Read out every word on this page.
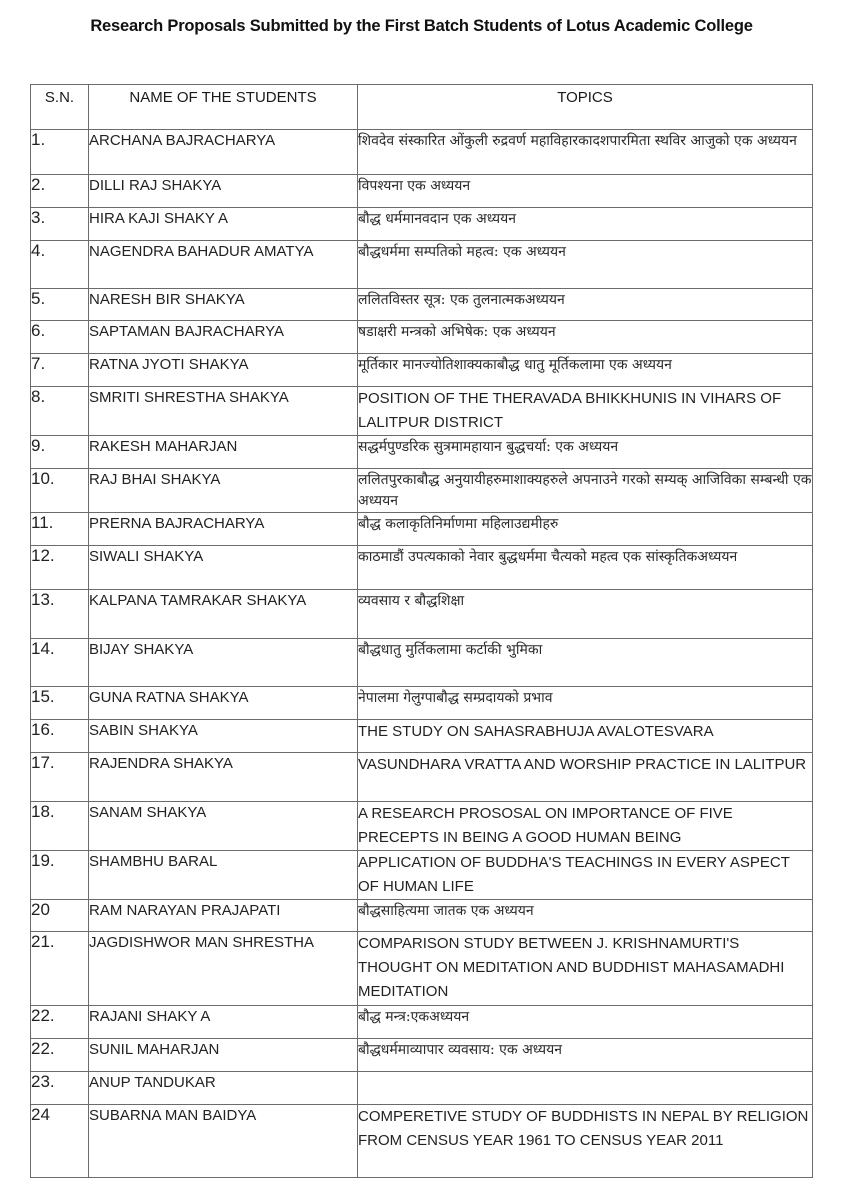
Research Proposals Submitted by the First Batch Students of Lotus Academic College
S.N.	NAME OF THE STUDENTS	TOPICS
1.	ARCHANA BAJRACHARYA	शिवदेव संस्कारित ओंकुली रुद्रवर्ण महाविहारकादशपारमिता स्थविर आजुको एक अध्ययन
2.	DILLI RAJ SHAKYA	विपश्यना एक अध्ययन
3.	HIRA KAJI SHAKY A	बौद्ध धर्ममानवदान एक अध्ययन
4.	NAGENDRA BAHADUR AMATYA	बौद्धधर्ममा सम्पतिको महत्व: एक अध्ययन
5.	NARESH BIR SHAKYA	ललितविस्तर सूत्र: एक तुलनात्मकअध्ययन
6.	SAPTAMAN BAJRACHARYA	षडाक्षरी मन्त्रको अभिषेक: एक अध्ययन
7.	RATNA JYOTI SHAKYA	मूर्तिकार मानज्योतिशाक्यकाबौद्ध धातु मूर्तिकलामा एक अध्ययन
8.	SMRITI SHRESTHA SHAKYA	POSITION OF THE THERAVADA BHIKKHUNIS IN VIHARS OF LALITPUR DISTRICT
9.	RAKESH MAHARJAN	सद्धर्मपुण्डरिक सुत्रमामहायान बुद्धचर्या: एक अध्ययन
10.	RAJ BHAI SHAKYA	ललितपुरकाबौद्ध अनुयायीहरुमाशाक्यहरुले अपनाउने गरको सम्यक् आजिविका सम्बन्धी एक अध्ययन
11.	PRERNA BAJRACHARYA	बौद्ध कलाकृतिनिर्माणमा महिलाउद्यमीहरु
12.	SIWALI SHAKYA	काठमाडौं उपत्यकाको नेवार बुद्धधर्ममा चैत्यको महत्व एक सांस्कृतिकअध्ययन
13.	KALPANA TAMRAKAR SHAKYA	व्यवसाय र बौद्धशिक्षा
14.	BIJAY SHAKYA	बौद्धधातु मुर्तिकलामा कर्टाकी भुमिका
15.	GUNA RATNA SHAKYA	नेपालमा गेलुग्पाबौद्ध सम्प्रदायको प्रभाव
16.	SABIN SHAKYA	THE STUDY ON SAHASRABHUJA AVALOTESVARA
17.	RAJENDRA SHAKYA	VASUNDHARA VRATTA AND WORSHIP PRACTICE IN LALITPUR
18.	SANAM SHAKYA	A RESEARCH PROSOSAL ON IMPORTANCE OF FIVE PRECEPTS IN BEING A GOOD HUMAN BEING
19.	SHAMBHU BARAL	APPLICATION OF BUDDHA'S TEACHINGS IN EVERY ASPECT OF HUMAN LIFE
20	RAM NARAYAN PRAJAPATI	बौद्धसाहित्यमा जातक एक अध्ययन
21.	JAGDISHWOR MAN SHRESTHA	COMPARISON STUDY BETWEEN J. KRISHNAMURTI'S THOUGHT ON MEDITATION AND BUDDHIST MAHASAMADHI MEDITATION
22.	RAJANI SHAKY A	बौद्ध मन्त्र:एकअध्ययन
22.	SUNIL MAHARJAN	बौद्धधर्ममाव्यापार व्यवसाय: एक अध्ययन
23.	ANUP TANDUKAR	
24	SUBARNA MAN BAIDYA	COMPERETIVE STUDY OF BUDDHISTS IN NEPAL BY RELIGION FROM CENSUS YEAR 1961 TO CENSUS YEAR 2011
